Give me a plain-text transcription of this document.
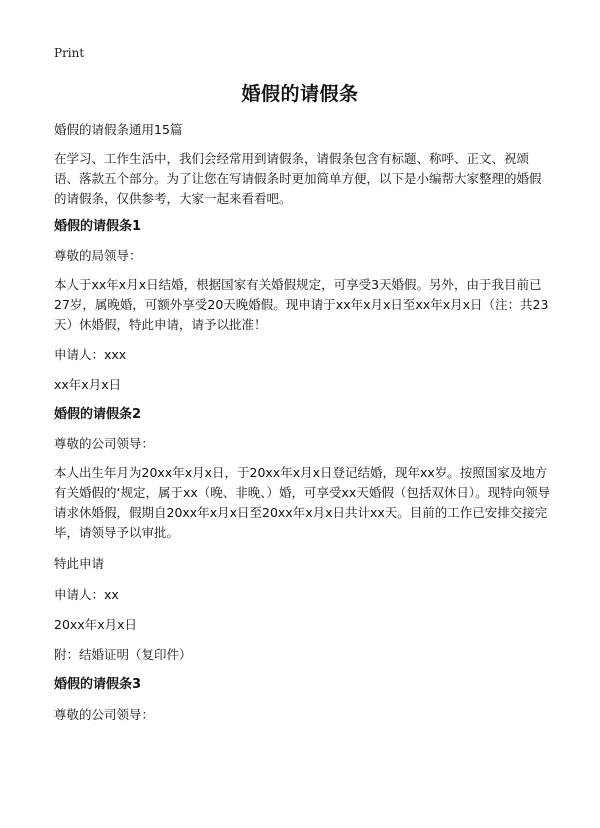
Print
婚假的请假条

婚假的请假条通用15篇

在学习、工作生活中，我们会经常用到请假条，请假条包含有标题、称呼、正文、祝颂语、落款五个部分。为了让您在写请假条时更加简单方便，以下是小编帮大家整理的婚假的请假条，仅供参考，大家一起来看看吧。

婚假的请假条1

尊敬的局领导：

本人于xx年x月x日结婚，根据国家有关婚假规定，可享受3天婚假。另外，由于我目前已27岁，属晚婚，可额外享受20天晚婚假。现申请于xx年x月x日至xx年x月x日（注：共23天）休婚假，特此申请，请予以批准！

申请人：xxx

xx年x月x日

婚假的请假条2

尊敬的公司领导：

本人出生年月为20xx年x月x日，于20xx年x月x日登记结婚，现年xx岁。按照国家及地方有关婚假的‘规定，属于xx（晚、非晚、）婚，可享受xx天婚假（包括双休日）。现特向领导请求休婚假，假期自20xx年x月x日至20xx年x月x日共计xx天。目前的工作已安排交接完毕，请领导予以审批。

特此申请

申请人：xx

20xx年x月x日

附：结婚证明（复印件）

婚假的请假条3

尊敬的公司领导：
